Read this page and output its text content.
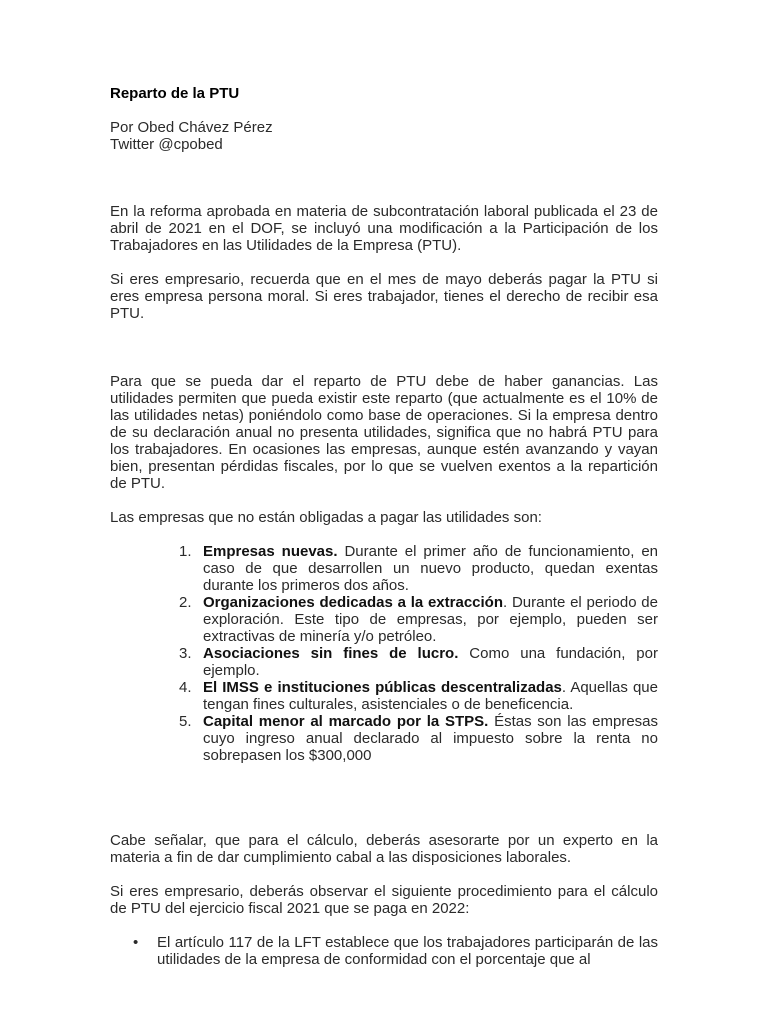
Reparto de la PTU

Por Obed Chávez Pérez

Twitter @cpobed

En la reforma aprobada en materia de subcontratación laboral publicada el 23 de abril de 2021 en el DOF, se incluyó una modificación a la Participación de los Trabajadores en las Utilidades de la Empresa (PTU).

Si eres empresario, recuerda que en el mes de mayo deberás pagar la PTU si eres empresa persona moral. Si eres trabajador, tienes el derecho de recibir esa PTU.

Para que se pueda dar el reparto de PTU debe de haber ganancias. Las utilidades permiten que pueda existir este reparto (que actualmente es el 10% de las utilidades netas) poniéndolo como base de operaciones. Si la empresa dentro de su declaración anual no presenta utilidades, significa que no habrá PTU para los trabajadores. En ocasiones las empresas, aunque estén avanzando y vayan bien, presentan pérdidas fiscales, por lo que se vuelven exentos a la repartición de PTU.

Las empresas que no están obligadas a pagar las utilidades son:

1. Empresas nuevas. Durante el primer año de funcionamiento, en caso de que desarrollen un nuevo producto, quedan exentas durante los primeros dos años.
2. Organizaciones dedicadas a la extracción. Durante el periodo de exploración. Este tipo de empresas, por ejemplo, pueden ser extractivas de minería y/o petróleo.
3. Asociaciones sin fines de lucro. Como una fundación, por ejemplo.
4. El IMSS e instituciones públicas descentralizadas. Aquellas que tengan fines culturales, asistenciales o de beneficencia.
5. Capital menor al marcado por la STPS. Éstas son las empresas cuyo ingreso anual declarado al impuesto sobre la renta no sobrepasen los $300,000

Cabe señalar, que para el cálculo, deberás asesorarte por un experto en la materia a fin de dar cumplimiento cabal a las disposiciones laborales.

Si eres empresario, deberás observar el siguiente procedimiento para el cálculo de PTU del ejercicio fiscal 2021 que se paga en 2022:

• El artículo 117 de la LFT establece que los trabajadores participarán de las utilidades de la empresa de conformidad con el porcentaje que al
